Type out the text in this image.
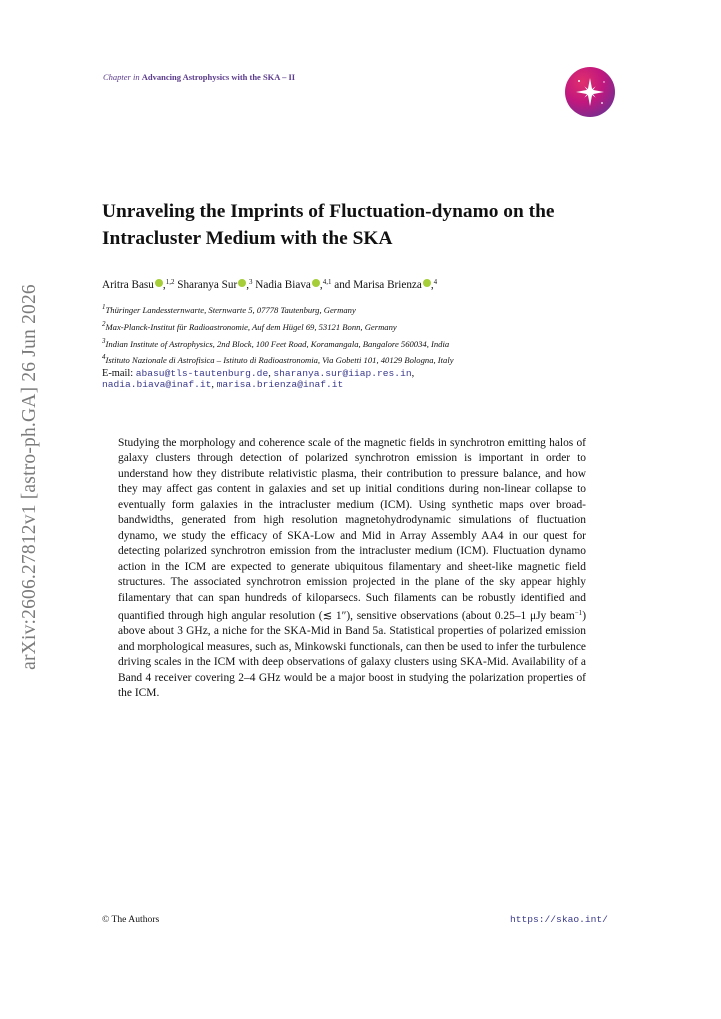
Chapter in Advancing Astrophysics with the SKA – II
arXiv:2606.27812v1 [astro-ph.GA] 26 Jun 2026
Unraveling the Imprints of Fluctuation-dynamo on the Intracluster Medium with the SKA
Aritra Basu ,$^{1,2}$ Sharanya Sur ,$^3$ Nadia Biava ,$^{4,1}$ and Marisa Brienza ,$^4$
$^1$Thüringer Landessternwarte, Sternwarte 5, 07778 Tautenburg, Germany
$^2$Max-Planck-Institut für Radioastronomie, Auf dem Hügel 69, 53121 Bonn, Germany
$^3$Indian Institute of Astrophysics, 2nd Block, 100 Feet Road, Koramangala, Bangalore 560034, India
$^4$Istituto Nazionale di Astrofisica – Istituto di Radioastronomia, Via Gobetti 101, 40129 Bologna, Italy
E-mail: abasu@tls-tautenburg.de, sharanya.sur@iiap.res.in,
nadia.biava@inaf.it, marisa.brienza@inaf.it

Studying the morphology and coherence scale of the magnetic fields in synchrotron emitting halos of galaxy clusters through detection of polarized synchrotron emission is important in order to understand how they distribute relativistic plasma, their contribution to pressure balance, and how they may affect gas content in galaxies and set up initial conditions during non-linear collapse to eventually form galaxies in the intracluster medium (ICM). Using synthetic maps over broad-bandwidths, generated from high resolution magnetohydrodynamic simulations of fluctuation dynamo, we study the efficacy of SKA-Low and Mid in Array Assembly AA4 in our quest for detecting polarized synchrotron emission from the intracluster medium (ICM). Fluctuation dynamo action in the ICM are expected to generate ubiquitous filamentary and sheet-like magnetic field structures. The associated synchrotron emission projected in the plane of the sky appear highly filamentary that can span hundreds of kiloparsecs. Such filaments can be robustly identified and quantified through high angular resolution (≲ 1″), sensitive observations (about 0.25–1 μJy beam$^{-1}$) above about 3 GHz, a niche for the SKA-Mid in Band 5a. Statistical properties of polarized emission and morphological measures, such as, Minkowski functionals, can then be used to infer the turbulence driving scales in the ICM with deep observations of galaxy clusters using SKA-Mid. Availability of a Band 4 receiver covering 2–4 GHz would be a major boost in studying the polarization properties of the ICM.

© The Authors	https://skao.int/
